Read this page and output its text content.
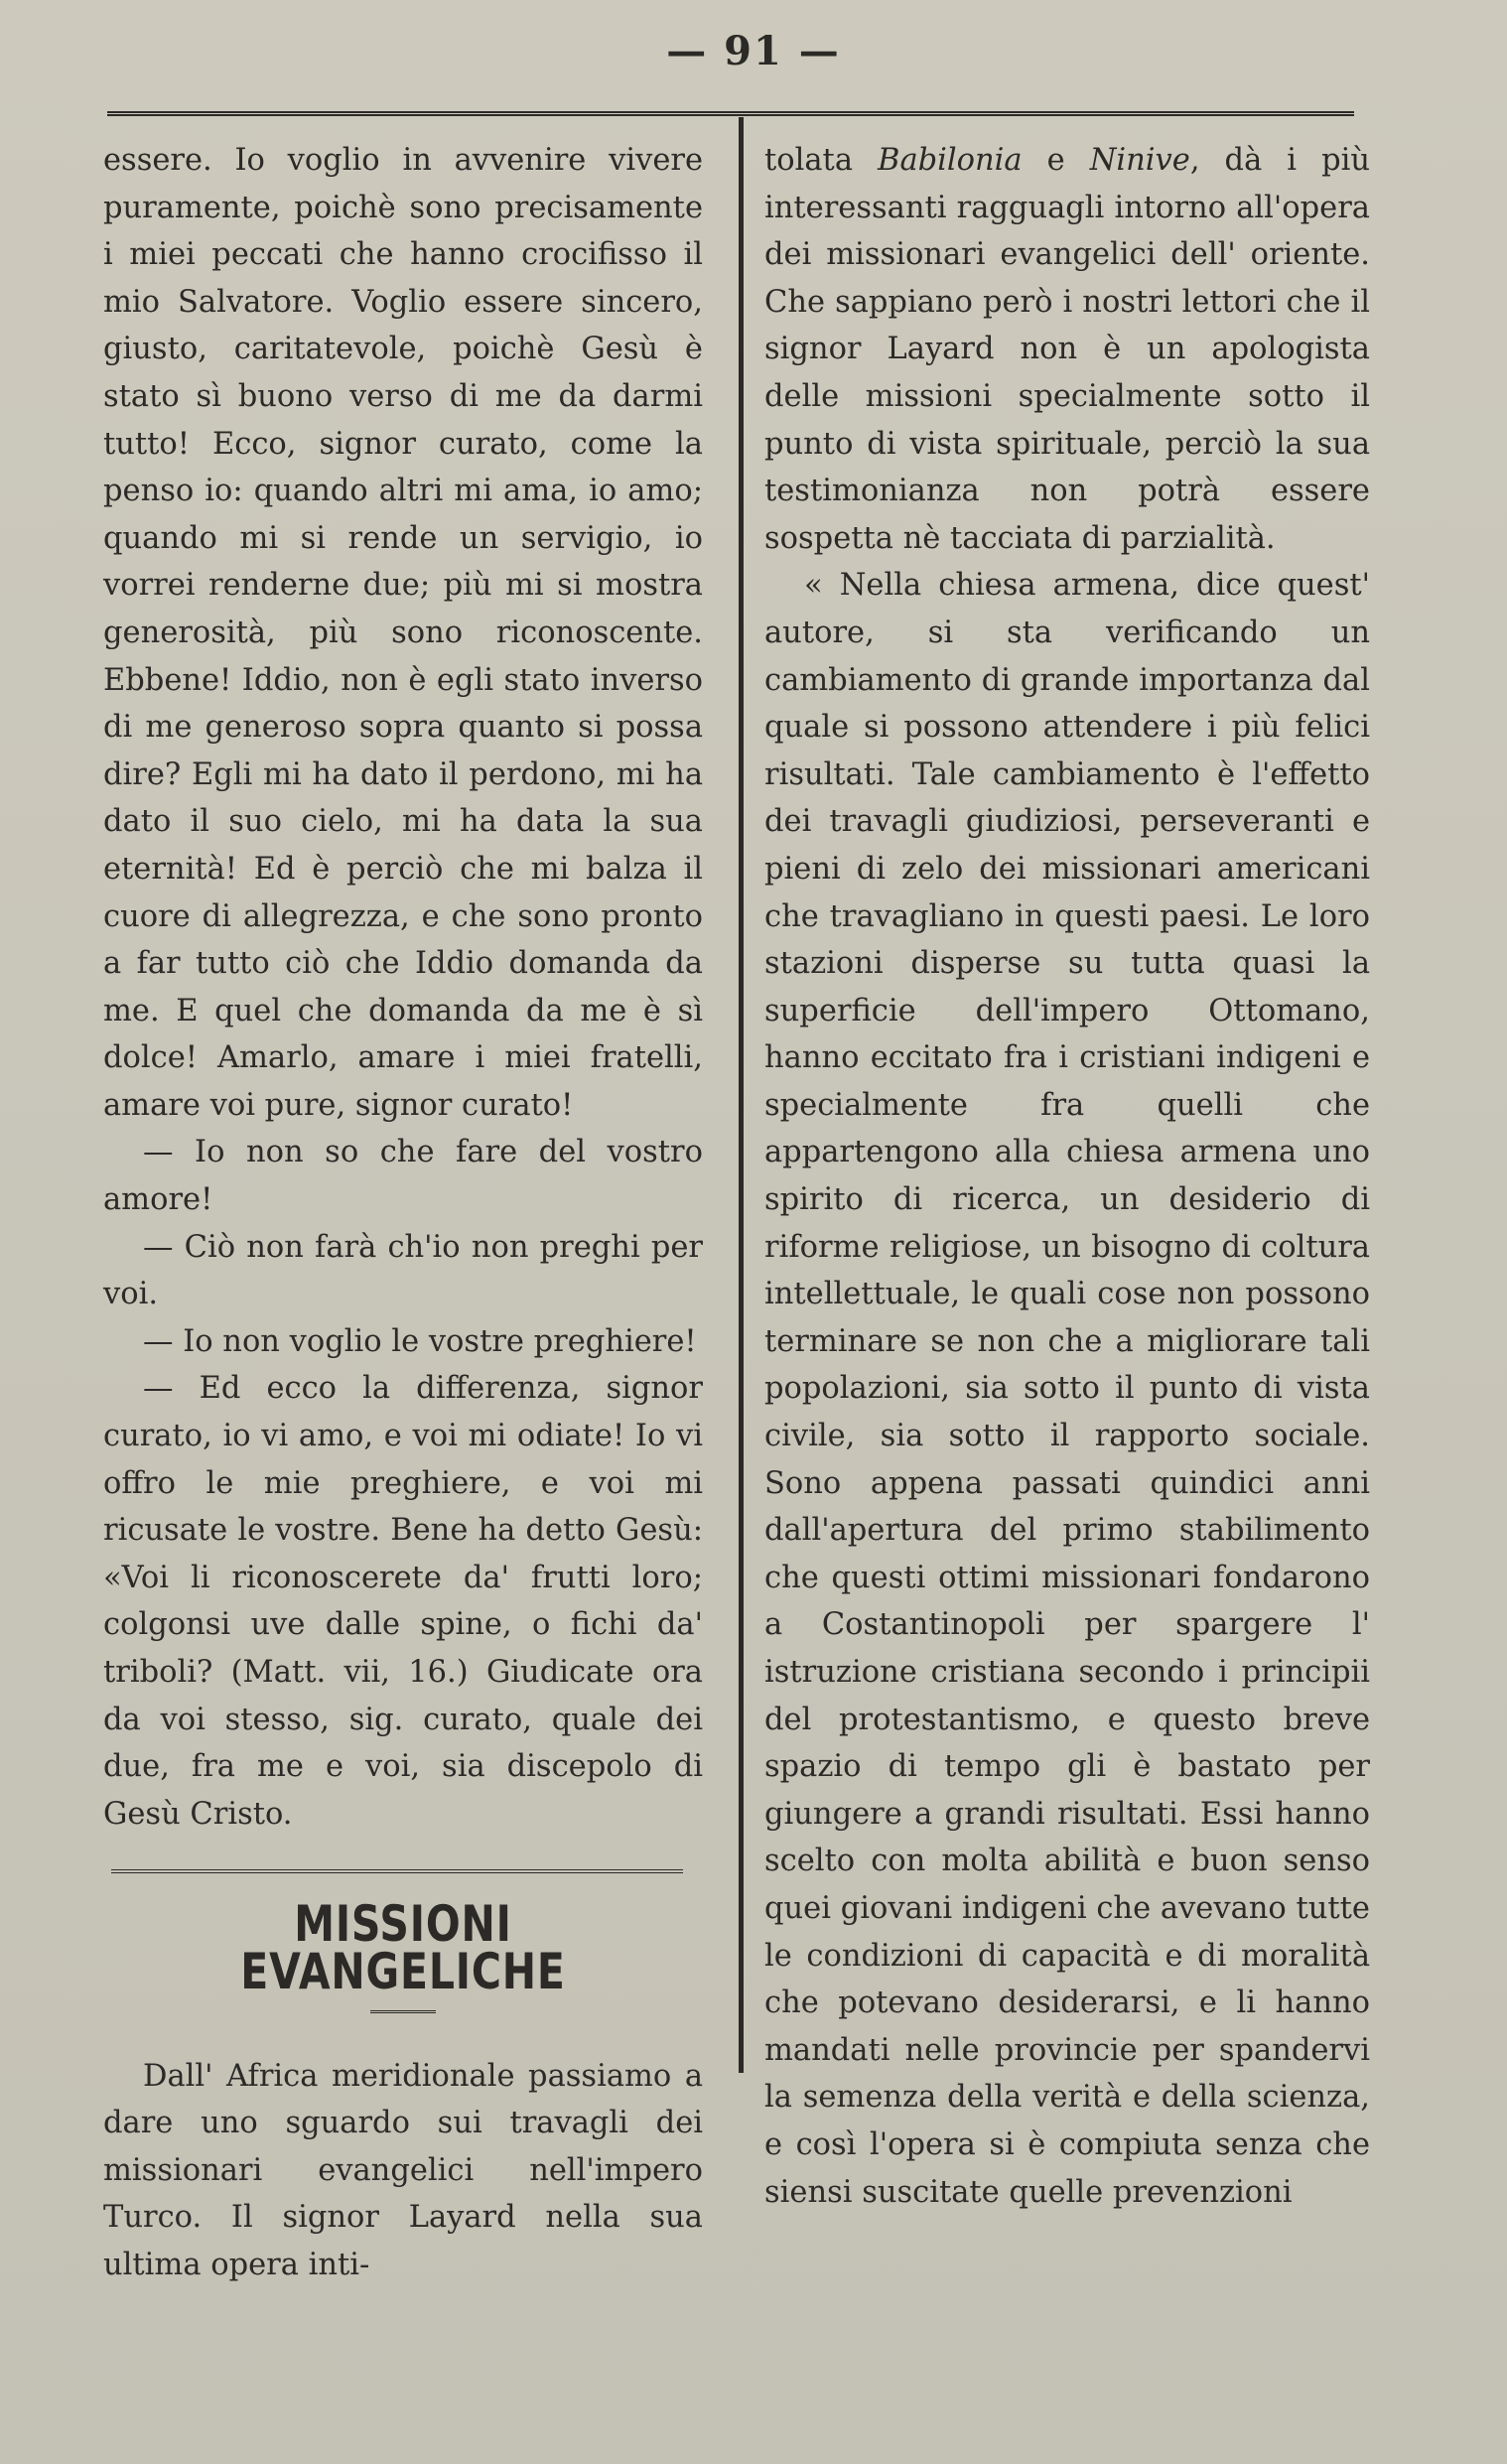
— 91 —

essere. Io voglio in avvenire vivere puramente, poichè sono precisamente i miei peccati che hanno crocifisso il mio Salvatore. Voglio essere sincero, giusto, caritatevole, poichè Gesù è stato sì buono verso di me da darmi tutto! Ecco, signor curato, come la penso io: quando altri mi ama, io amo; quando mi si rende un servigio, io vorrei renderne due; più mi si mostra generosità, più sono riconoscente. Ebbene! Iddio, non è egli stato inverso di me generoso sopra quanto si possa dire? Egli mi ha dato il perdono, mi ha dato il suo cielo, mi ha data la sua eternità! Ed è perciò che mi balza il cuore di allegrezza, e che sono pronto a far tutto ciò che Iddio domanda da me. E quel che domanda da me è sì dolce! Amarlo, amare i miei fratelli, amare voi pure, signor curato!

— Io non so che fare del vostro amore!

— Ciò non farà ch'io non preghi per voi.

— Io non voglio le vostre preghiere!

— Ed ecco la differenza, signor curato, io vi amo, e voi mi odiate! Io vi offro le mie preghiere, e voi mi ricusate le vostre. Bene ha detto Gesù: «Voi li riconoscerete da' frutti loro; colgonsi uve dalle spine, o fichi da' triboli? (Matt. vii, 16.) Giudicate ora da voi stesso, sig. curato, quale dei due, fra me e voi, sia discepolo di Gesù Cristo.

MISSIONI EVANGELICHE

Dall' Africa meridionale passiamo a dare uno sguardo sui travagli dei missionari evangelici nell'impero Turco. Il signor Layard nella sua ultima opera inti-

tolata Babilonia e Ninive, dà i più interessanti ragguagli intorno all'opera dei missionari evangelici dell' oriente. Che sappiano però i nostri lettori che il signor Layard non è un apologista delle missioni specialmente sotto il punto di vista spirituale, perciò la sua testimonianza non potrà essere sospetta nè tacciata di parzialità.

« Nella chiesa armena, dice quest' autore, si sta verificando un cambiamento di grande importanza dal quale si possono attendere i più felici risultati. Tale cambiamento è l'effetto dei travagli giudiziosi, perseveranti e pieni di zelo dei missionari americani che travagliano in questi paesi. Le loro stazioni disperse su tutta quasi la superficie dell'impero Ottomano, hanno eccitato fra i cristiani indigeni e specialmente fra quelli che appartengono alla chiesa armena uno spirito di ricerca, un desiderio di riforme religiose, un bisogno di coltura intellettuale, le quali cose non possono terminare se non che a migliorare tali popolazioni, sia sotto il punto di vista civile, sia sotto il rapporto sociale. Sono appena passati quindici anni dall'apertura del primo stabilimento che questi ottimi missionari fondarono a Costantinopoli per spargere l' istruzione cristiana secondo i principii del protestantismo, e questo breve spazio di tempo gli è bastato per giungere a grandi risultati. Essi hanno scelto con molta abilità e buon senso quei giovani indigeni che avevano tutte le condizioni di capacità e di moralità che potevano desiderarsi, e li hanno mandati nelle provincie per spandervi la semenza della verità e della scienza, e così l'opera si è compiuta senza che siensi suscitate quelle prevenzioni
